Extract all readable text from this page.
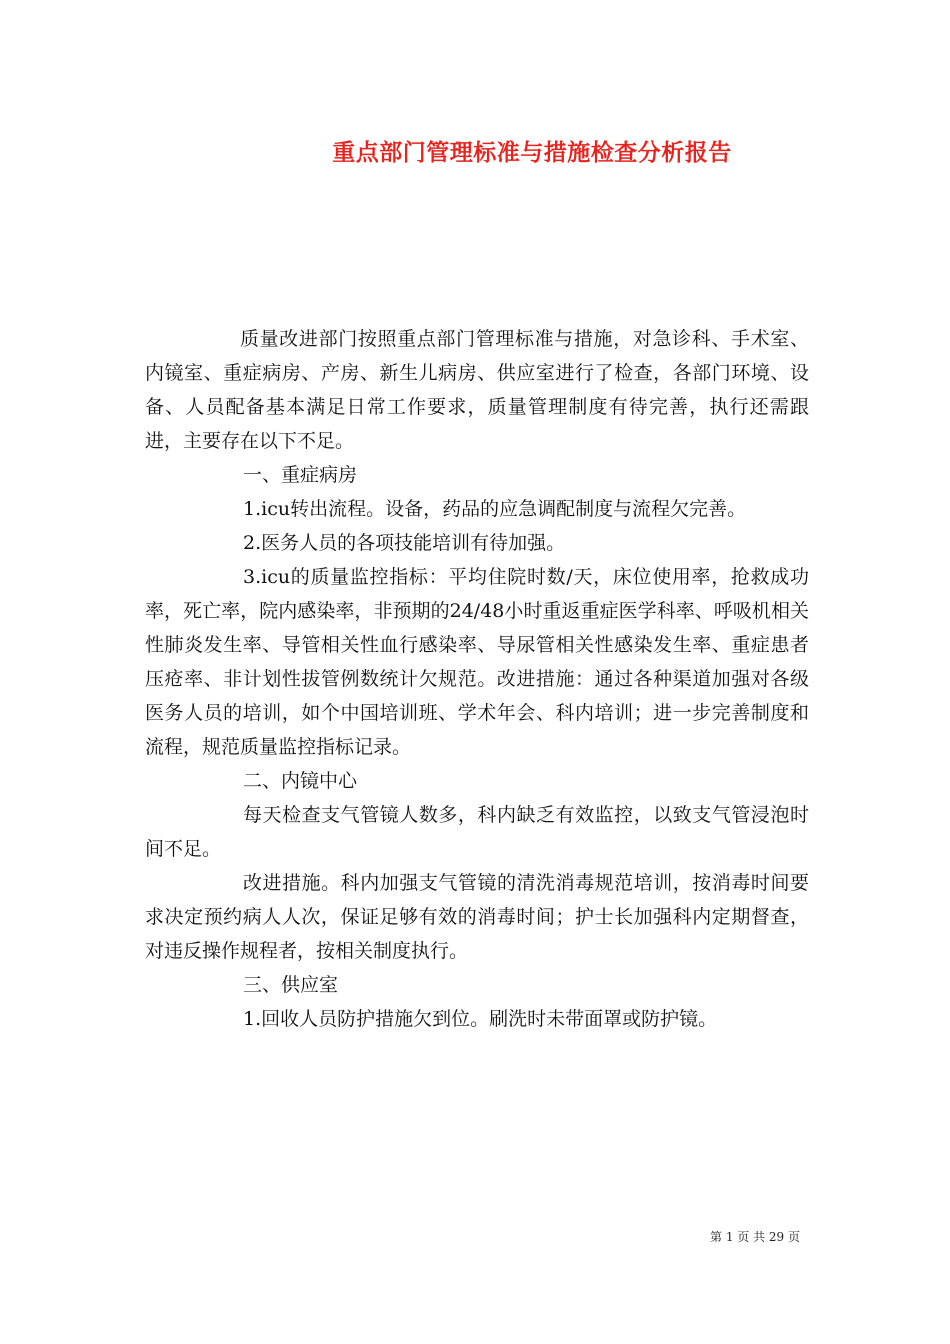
重点部门管理标准与措施检查分析报告

质量改进部门按照重点部门管理标准与措施，对急诊科、手术室、内镜室、重症病房、产房、新生儿病房、供应室进行了检查，各部门环境、设备、人员配备基本满足日常工作要求，质量管理制度有待完善，执行还需跟进，主要存在以下不足。

一、重症病房

1.icu转出流程。设备，药品的应急调配制度与流程欠完善。

2.医务人员的各项技能培训有待加强。

3.icu的质量监控指标：平均住院时数/天，床位使用率，抢救成功率，死亡率，院内感染率，非预期的24/48小时重返重症医学科率、呼吸机相关性肺炎发生率、导管相关性血行感染率、导尿管相关性感染发生率、重症患者压疮率、非计划性拔管例数统计欠规范。改进措施：通过各种渠道加强对各级医务人员的培训，如个中国培训班、学术年会、科内培训；进一步完善制度和流程，规范质量监控指标记录。

二、内镜中心

每天检查支气管镜人数多，科内缺乏有效监控，以致支气管浸泡时间不足。

改进措施。科内加强支气管镜的清洗消毒规范培训，按消毒时间要求决定预约病人人次，保证足够有效的消毒时间；护士长加强科内定期督查，对违反操作规程者，按相关制度执行。

三、供应室

1.回收人员防护措施欠到位。刷洗时未带面罩或防护镜。

第 1 页 共 29 页
